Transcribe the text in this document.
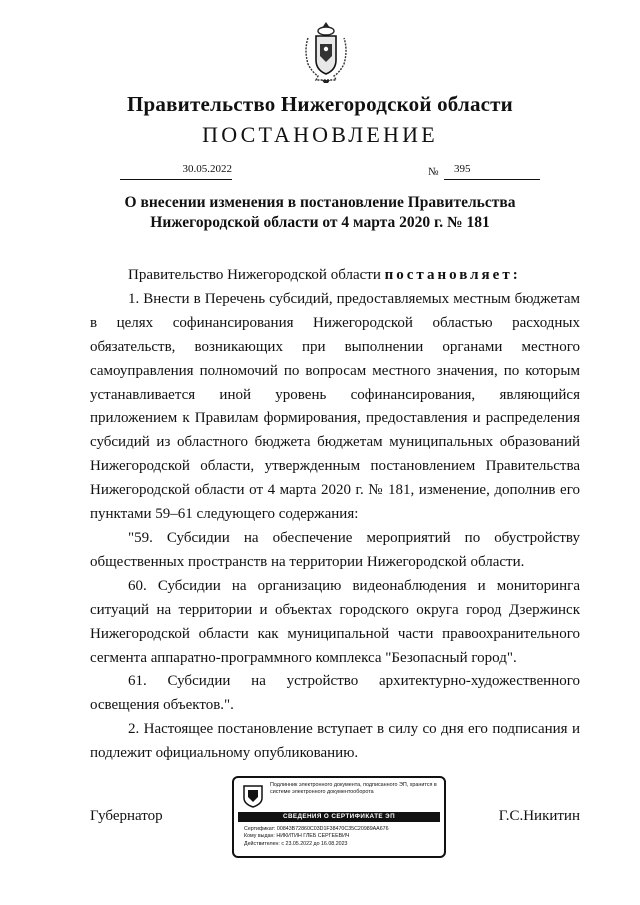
Правительство Нижегородской области
ПОСТАНОВЛЕНИЕ
30.05.2022	№	395
О внесении изменения в постановление Правительства
Нижегородской области от 4 марта 2020 г. № 181

Правительство Нижегородской области постановляет:

1. Внести в Перечень субсидий, предоставляемых местным бюджетам в целях софинансирования Нижегородской областью расходных обязательств, возникающих при выполнении органами местного самоуправления полномочий по вопросам местного значения, по которым устанавливается иной уровень софинансирования, являющийся приложением к Правилам формирования, предоставления и распределения субсидий из областного бюджета бюджетам муниципальных образований Нижегородской области, утвержденным постановлением Правительства Нижегородской области от 4 марта 2020 г. № 181, изменение, дополнив его пунктами 59–61 следующего содержания:

"59. Субсидии на обеспечение мероприятий по обустройству общественных пространств на территории Нижегородской области.

60. Субсидии на организацию видеонаблюдения и мониторинга ситуаций на территории и объектах городского округа город Дзержинск Нижегородской области как муниципальной части правоохранительного сегмента аппаратно-программного комплекса "Безопасный город".

61. Субсидии на устройство архитектурно-художественного освещения объектов.".

2. Настоящее постановление вступает в силу со дня его подписания и подлежит официальному опубликованию.

Губернатор	Г.С.Никитин
Подлинник электронного документа, подписанного ЭП, хранится в системе электронного документооборота
СВЕДЕНИЯ О СЕРТИФИКАТЕ ЭП
Сертификат: 00843B72860C03D1F38470C35C20989AA676
Кому выдан: НИКИТИН ГЛЕБ СЕРГЕЕВИЧ
Действителен: с 23.05.2022 до 16.08.2023
